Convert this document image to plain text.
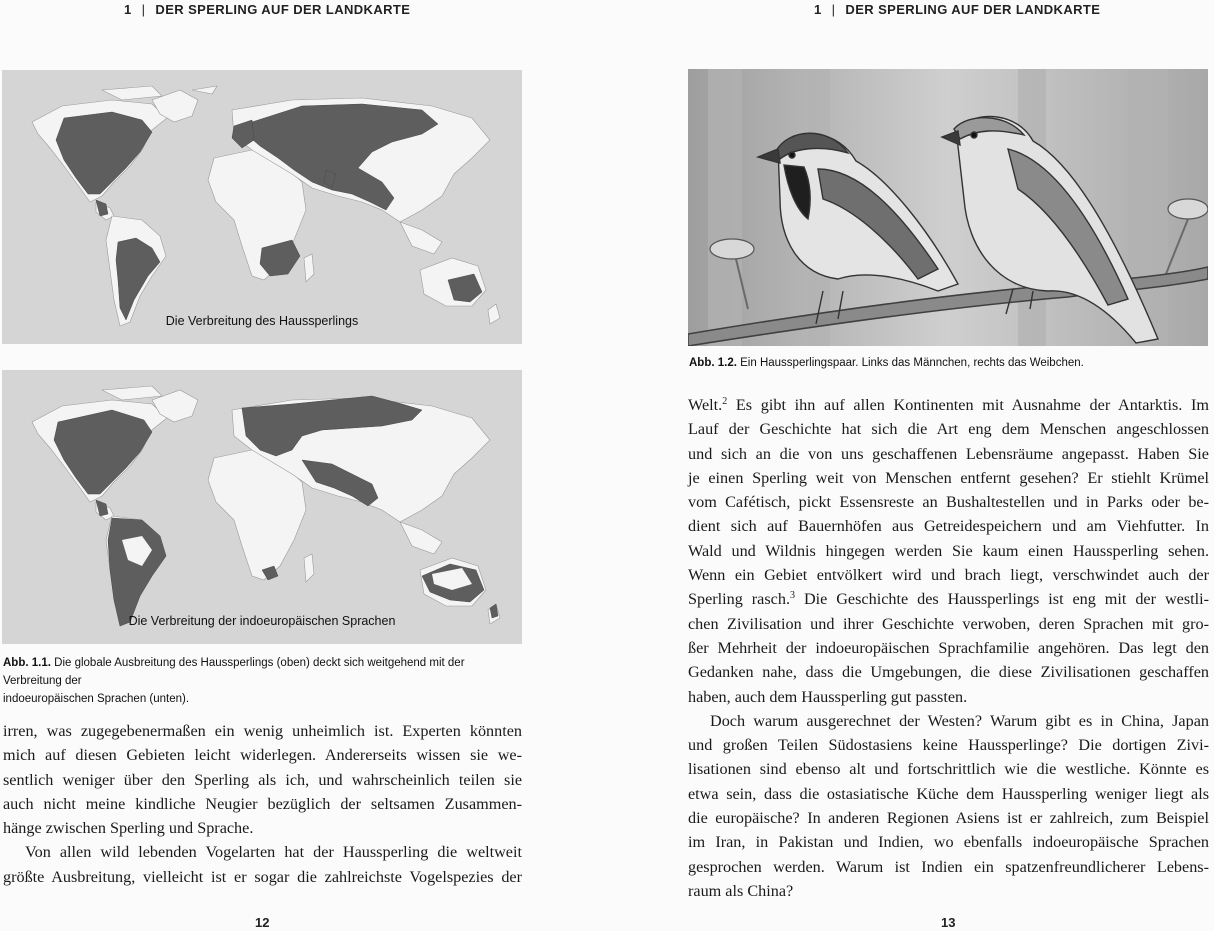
1 | DER SPERLING AUF DER LANDKARTE
Die Verbreitung des Haussperlings
Die Verbreitung der indoeuropäischen Sprachen
Abb. 1.1. Die globale Ausbreitung des Haussperlings (oben) deckt sich weitgehend mit der Verbreitung der
indoeuropäischen Sprachen (unten).
irren, was zugegebenermaßen ein wenig unheimlich ist. Experten könnten
mich auf diesen Gebieten leicht widerlegen. Andererseits wissen sie we-
sentlich weniger über den Sperling als ich, und wahrscheinlich teilen sie
auch nicht meine kindliche Neugier bezüglich der seltsamen Zusammen-
hänge zwischen Sperling und Sprache.
Von allen wild lebenden Vogelarten hat der Haussperling die weltweit
größte Ausbreitung, vielleicht ist er sogar die zahlreichste Vogelspezies der
12
1 | DER SPERLING AUF DER LANDKARTE
Abb. 1.2. Ein Haussperlingspaar. Links das Männchen, rechts das Weibchen.
Welt.$^2$ Es gibt ihn auf allen Kontinenten mit Ausnahme der Antarktis. Im
Lauf der Geschichte hat sich die Art eng dem Menschen angeschlossen
und sich an die von uns geschaffenen Lebensräume angepasst. Haben Sie
je einen Sperling weit von Menschen entfernt gesehen? Er stiehlt Krümel
vom Cafétisch, pickt Essensreste an Bushaltestellen und in Parks oder be-
dient sich auf Bauernhöfen aus Getreidespeichern und am Viehfutter. In
Wald und Wildnis hingegen werden Sie kaum einen Haussperling sehen.
Wenn ein Gebiet entvölkert wird und brach liegt, verschwindet auch der
Sperling rasch.$^3$ Die Geschichte des Haussperlings ist eng mit der westli-
chen Zivilisation und ihrer Geschichte verwoben, deren Sprachen mit gro-
ßer Mehrheit der indoeuropäischen Sprachfamilie angehören. Das legt den
Gedanken nahe, dass die Umgebungen, die diese Zivilisationen geschaffen
haben, auch dem Haussperling gut passten.
Doch warum ausgerechnet der Westen? Warum gibt es in China, Japan
und großen Teilen Südostasiens keine Haussperlinge? Die dortigen Zivi-
lisationen sind ebenso alt und fortschrittlich wie die westliche. Könnte es
etwa sein, dass die ostasiatische Küche dem Haussperling weniger liegt als
die europäische? In anderen Regionen Asiens ist er zahlreich, zum Beispiel
im Iran, in Pakistan und Indien, wo ebenfalls indoeuropäische Sprachen
gesprochen werden. Warum ist Indien ein spatzenfreundlicherer Lebens-
raum als China?
13
